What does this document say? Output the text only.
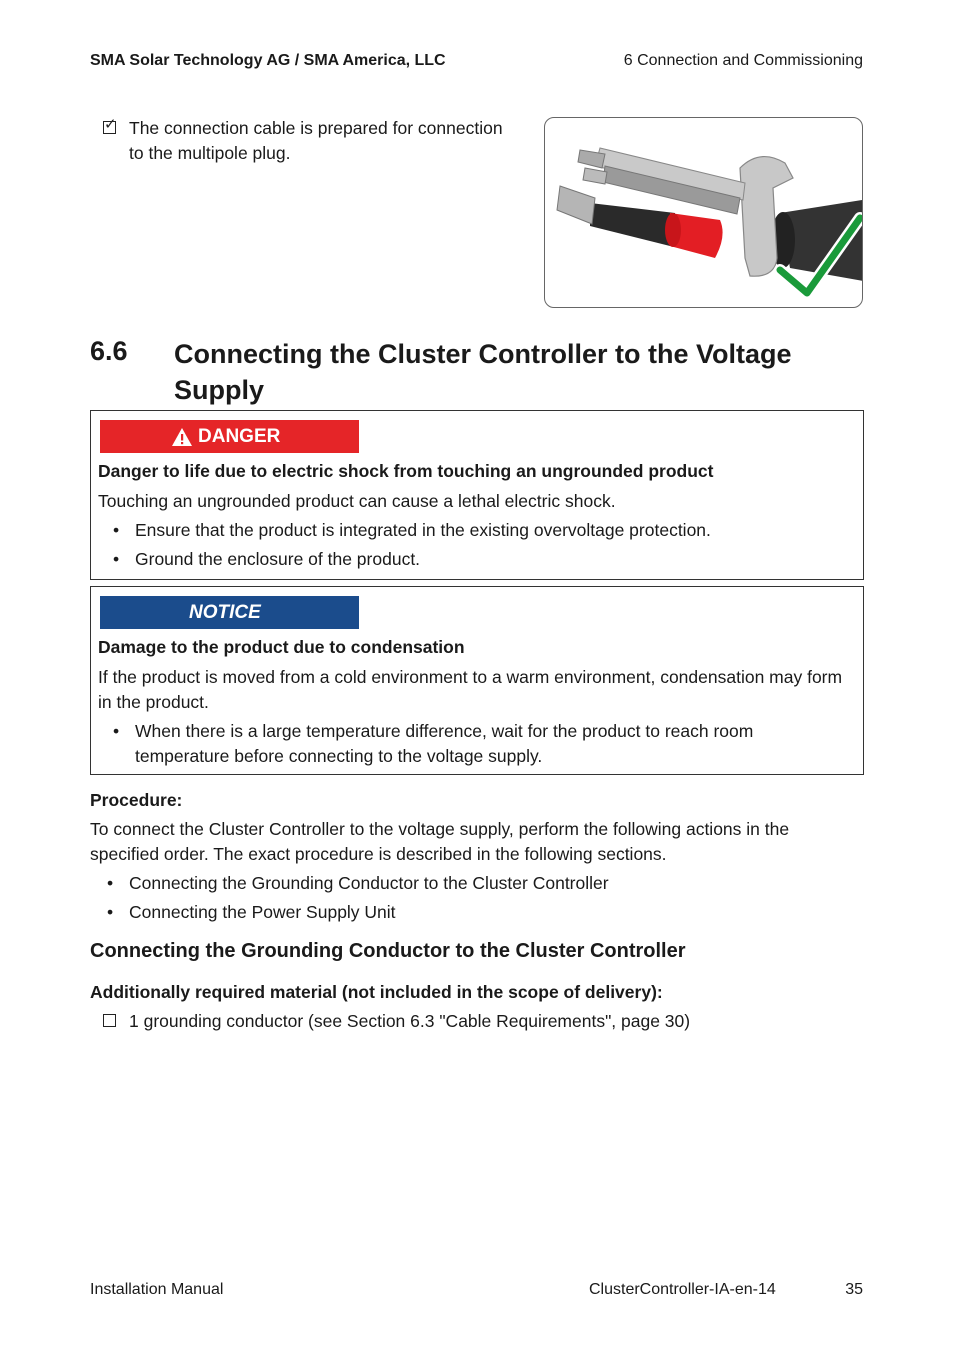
SMA Solar Technology AG / SMA America, LLC	6 Connection and Commissioning
✓
The connection cable is prepared for connection
to the multipole plug.
6.6 Connecting the Cluster Controller to the Voltage
Supply
DANGER
Danger to life due to electric shock from touching an ungrounded product
Touching an ungrounded product can cause a lethal electric shock.
• Ensure that the product is integrated in the existing overvoltage protection.
• Ground the enclosure of the product.
NOTICE
Damage to the product due to condensation
If the product is moved from a cold environment to a warm environment, condensation may form
in the product.
• When there is a large temperature difference, wait for the product to reach room
temperature before connecting to the voltage supply.
Procedure:
To connect the Cluster Controller to the voltage supply, perform the following actions in the
specified order. The exact procedure is described in the following sections.
• Connecting the Grounding Conductor to the Cluster Controller
• Connecting the Power Supply Unit
Connecting the Grounding Conductor to the Cluster Controller
Additionally required material (not included in the scope of delivery):
1 grounding conductor (see Section 6.3 "Cable Requirements", page 30)
Installation Manual	ClusterController-IA-en-14	35
